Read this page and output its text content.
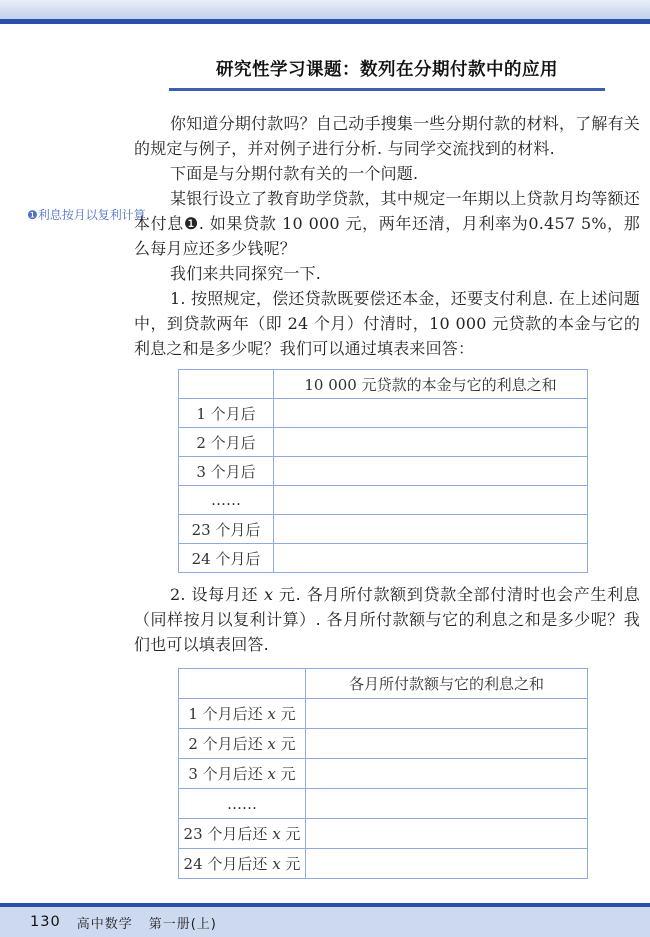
❶利息按月以复利计算.
研究性学习课题：数列在分期付款中的应用

你知道分期付款吗？自己动手搜集一些分期付款的材料，了解有关的规定与例子，并对例子进行分析. 与同学交流找到的材料.

下面是与分期付款有关的一个问题.

某银行设立了教育助学贷款，其中规定一年期以上贷款月均等额还本付息❶. 如果贷款 10 000 元，两年还清，月利率为0.457 5%，那么每月应还多少钱呢？

我们来共同探究一下.

1. 按照规定，偿还贷款既要偿还本金，还要支付利息. 在上述问题中，到贷款两年（即 24 个月）付清时，10 000 元贷款的本金与它的利息之和是多少呢？我们可以通过填表来回答：

	10 000 元贷款的本金与它的利息之和
1 个月后	
2 个月后	
3 个月后	
……	
23 个月后	
24 个月后	

2. 设每月还 x 元. 各月所付款额到贷款全部付清时也会产生利息（同样按月以复利计算）. 各月所付款额与它的利息之和是多少呢？我们也可以填表回答.

	各月所付款额与它的利息之和
1 个月后还 x 元	
2 个月后还 x 元	
3 个月后还 x 元	
……	
23 个月后还 x 元	
24 个月后还 x 元	
130 高中数学 第一册(上)
